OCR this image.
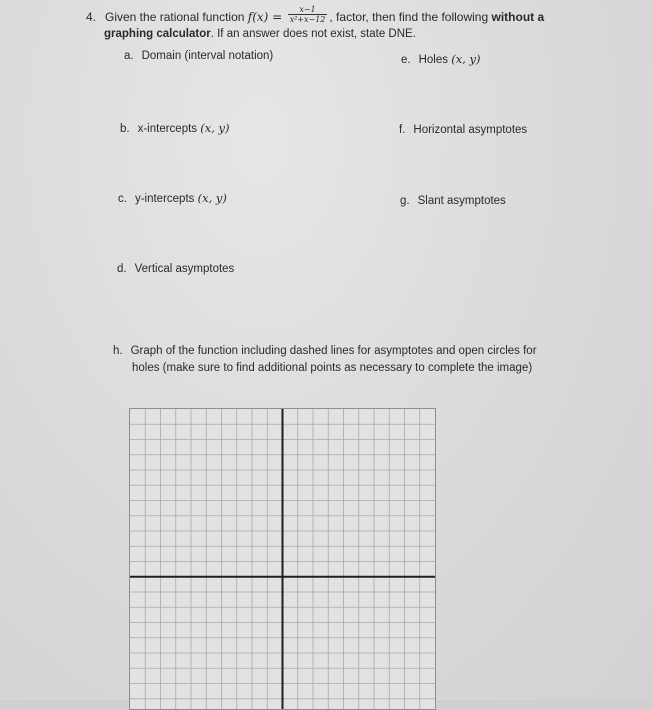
4. Given the rational function $f(x) = \frac{x-1}{\text{x²+x−12}}$ , factor, then find the following without a
graphing calculator. If an answer does not exist, state DNE.
a. Domain (interval notation)	e. Holes (x, y)
b. x-intercepts (x, y)	f. Horizontal asymptotes
c. y-intercepts (x, y)	g. Slant asymptotes
d. Vertical asymptotes
h. Graph of the function including dashed lines for asymptotes and open circles for
holes (make sure to find additional points as necessary to complete the image)
